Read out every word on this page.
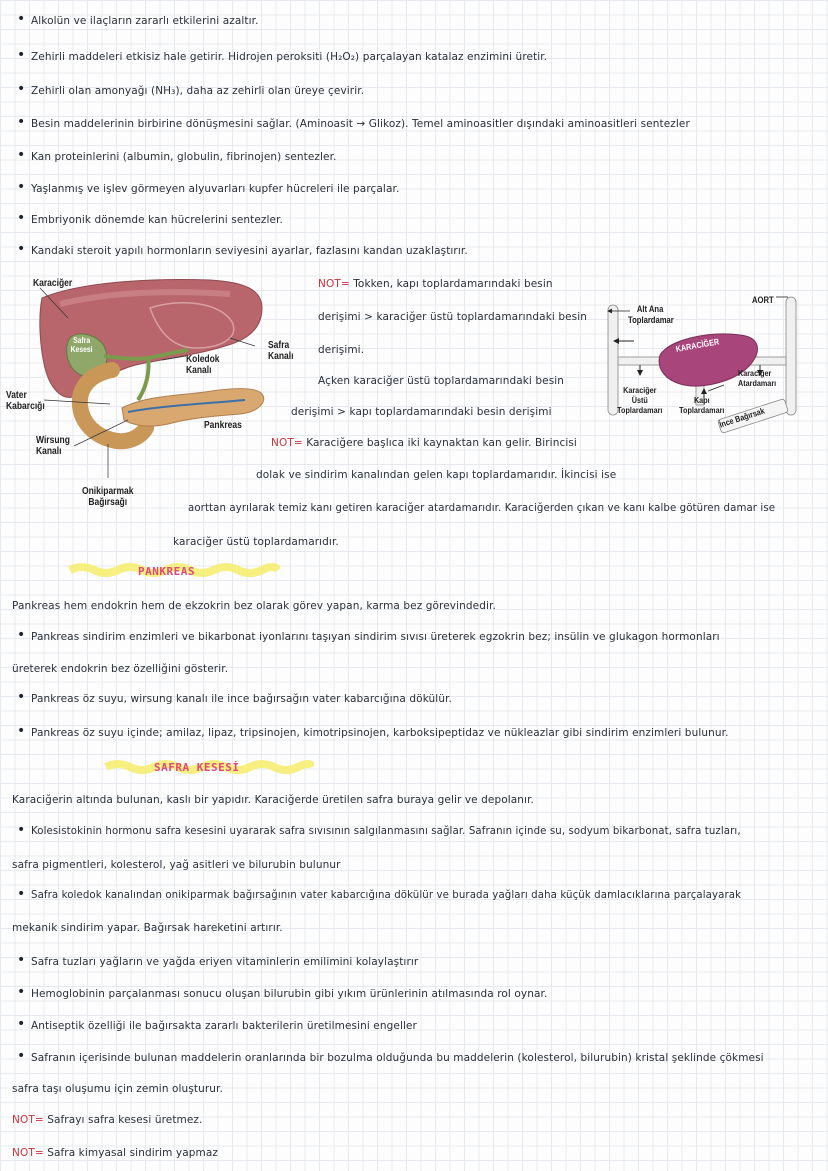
• Alkolün ve ilaçların zararlı etkilerini azaltır.
• Zehirli maddeleri etkisiz hale getirir. Hidrojen peroksiti (H₂O₂) parçalayan katalaz enzimini üretir.
• Zehirli olan amonyağı (NH₃), daha az zehirli olan üreye çevirir.
• Besin maddelerinin birbirine dönüşmesini sağlar. (Aminoasit → Glikoz). Temel aminoasitler dışındaki aminoasitleri sentezler
• Kan proteinlerini (albumin, globulin, fibrinojen) sentezler.
• Yaşlanmış ve işlev görmeyen alyuvarları kupfer hücreleri ile parçalar.
• Embriyonik dönemde kan hücrelerini sentezler.
• Kandaki steroit yapılı hormonların seviyesini ayarlar, fazlasını kandan uzaklaştırır.
Karaciğer
Safra Kesesi
Koledok Kanalı
Safra Kanalı
Vater Kabarcığı
Pankreas
Wirsung Kanalı
Onikiparmak Bağırsağı
NOT= Tokken, kapı toplardamarındaki besin
derişimi > karaciğer üstü toplardamarındaki besin
derişimi.
Açken karaciğer üstü toplardamarındaki besin
derişimi > kapı toplardamarındaki besin derişimi
NOT= Karaciğere başlıca iki kaynaktan kan gelir. Birincisi
dolak ve sindirim kanalından gelen kapı toplardamarıdır. İkincisi ise
aorttan ayrılarak temiz kanı getiren karaciğer atardamarıdır. Karaciğerden çıkan ve kanı kalbe götüren damar ise
karaciğer üstü toplardamarıdır.
Alt Ana Toplardamar
AORT
KARACİĞER
Karaciğer Üstü Toplardamarı
Kapı Toplardamarı
Karaciğer Atardamarı
İnce Bağırsak
PANKREAS
Pankreas hem endokrin hem de ekzokrin bez olarak görev yapan, karma bez görevindedir.
• Pankreas sindirim enzimleri ve bikarbonat iyonlarını taşıyan sindirim sıvısı üreterek egzokrin bez; insülin ve glukagon hormonları
üreterek endokrin bez özelliğini gösterir.
• Pankreas öz suyu, wirsung kanalı ile ince bağırsağın vater kabarcığına dökülür.
• Pankreas öz suyu içinde; amilaz, lipaz, tripsinojen, kimotripsinojen, karboksipeptidaz ve nükleazlar gibi sindirim enzimleri bulunur.
SAFRA KESESİ
Karaciğerin altında bulunan, kaslı bir yapıdır. Karaciğerde üretilen safra buraya gelir ve depolanır.
• Kolesistokinin hormonu safra kesesini uyararak safra sıvısının salgılanmasını sağlar. Safranın içinde su, sodyum bikarbonat, safra tuzları,
safra pigmentleri, kolesterol, yağ asitleri ve bilurubin bulunur
• Safra koledok kanalından onikiparmak bağırsağının vater kabarcığına dökülür ve burada yağları daha küçük damlacıklarına parçalayarak
mekanik sindirim yapar. Bağırsak hareketini artırır.
• Safra tuzları yağların ve yağda eriyen vitaminlerin emilimini kolaylaştırır
• Hemoglobinin parçalanması sonucu oluşan bilurubin gibi yıkım ürünlerinin atılmasında rol oynar.
• Antiseptik özelliği ile bağırsakta zararlı bakterilerin üretilmesini engeller
• Safranın içerisinde bulunan maddelerin oranlarında bir bozulma olduğunda bu maddelerin (kolesterol, bilurubin) kristal şeklinde çökmesi
safra taşı oluşumu için zemin oluşturur.
NOT= Safrayı safra kesesi üretmez.
NOT= Safra kimyasal sindirim yapmaz
